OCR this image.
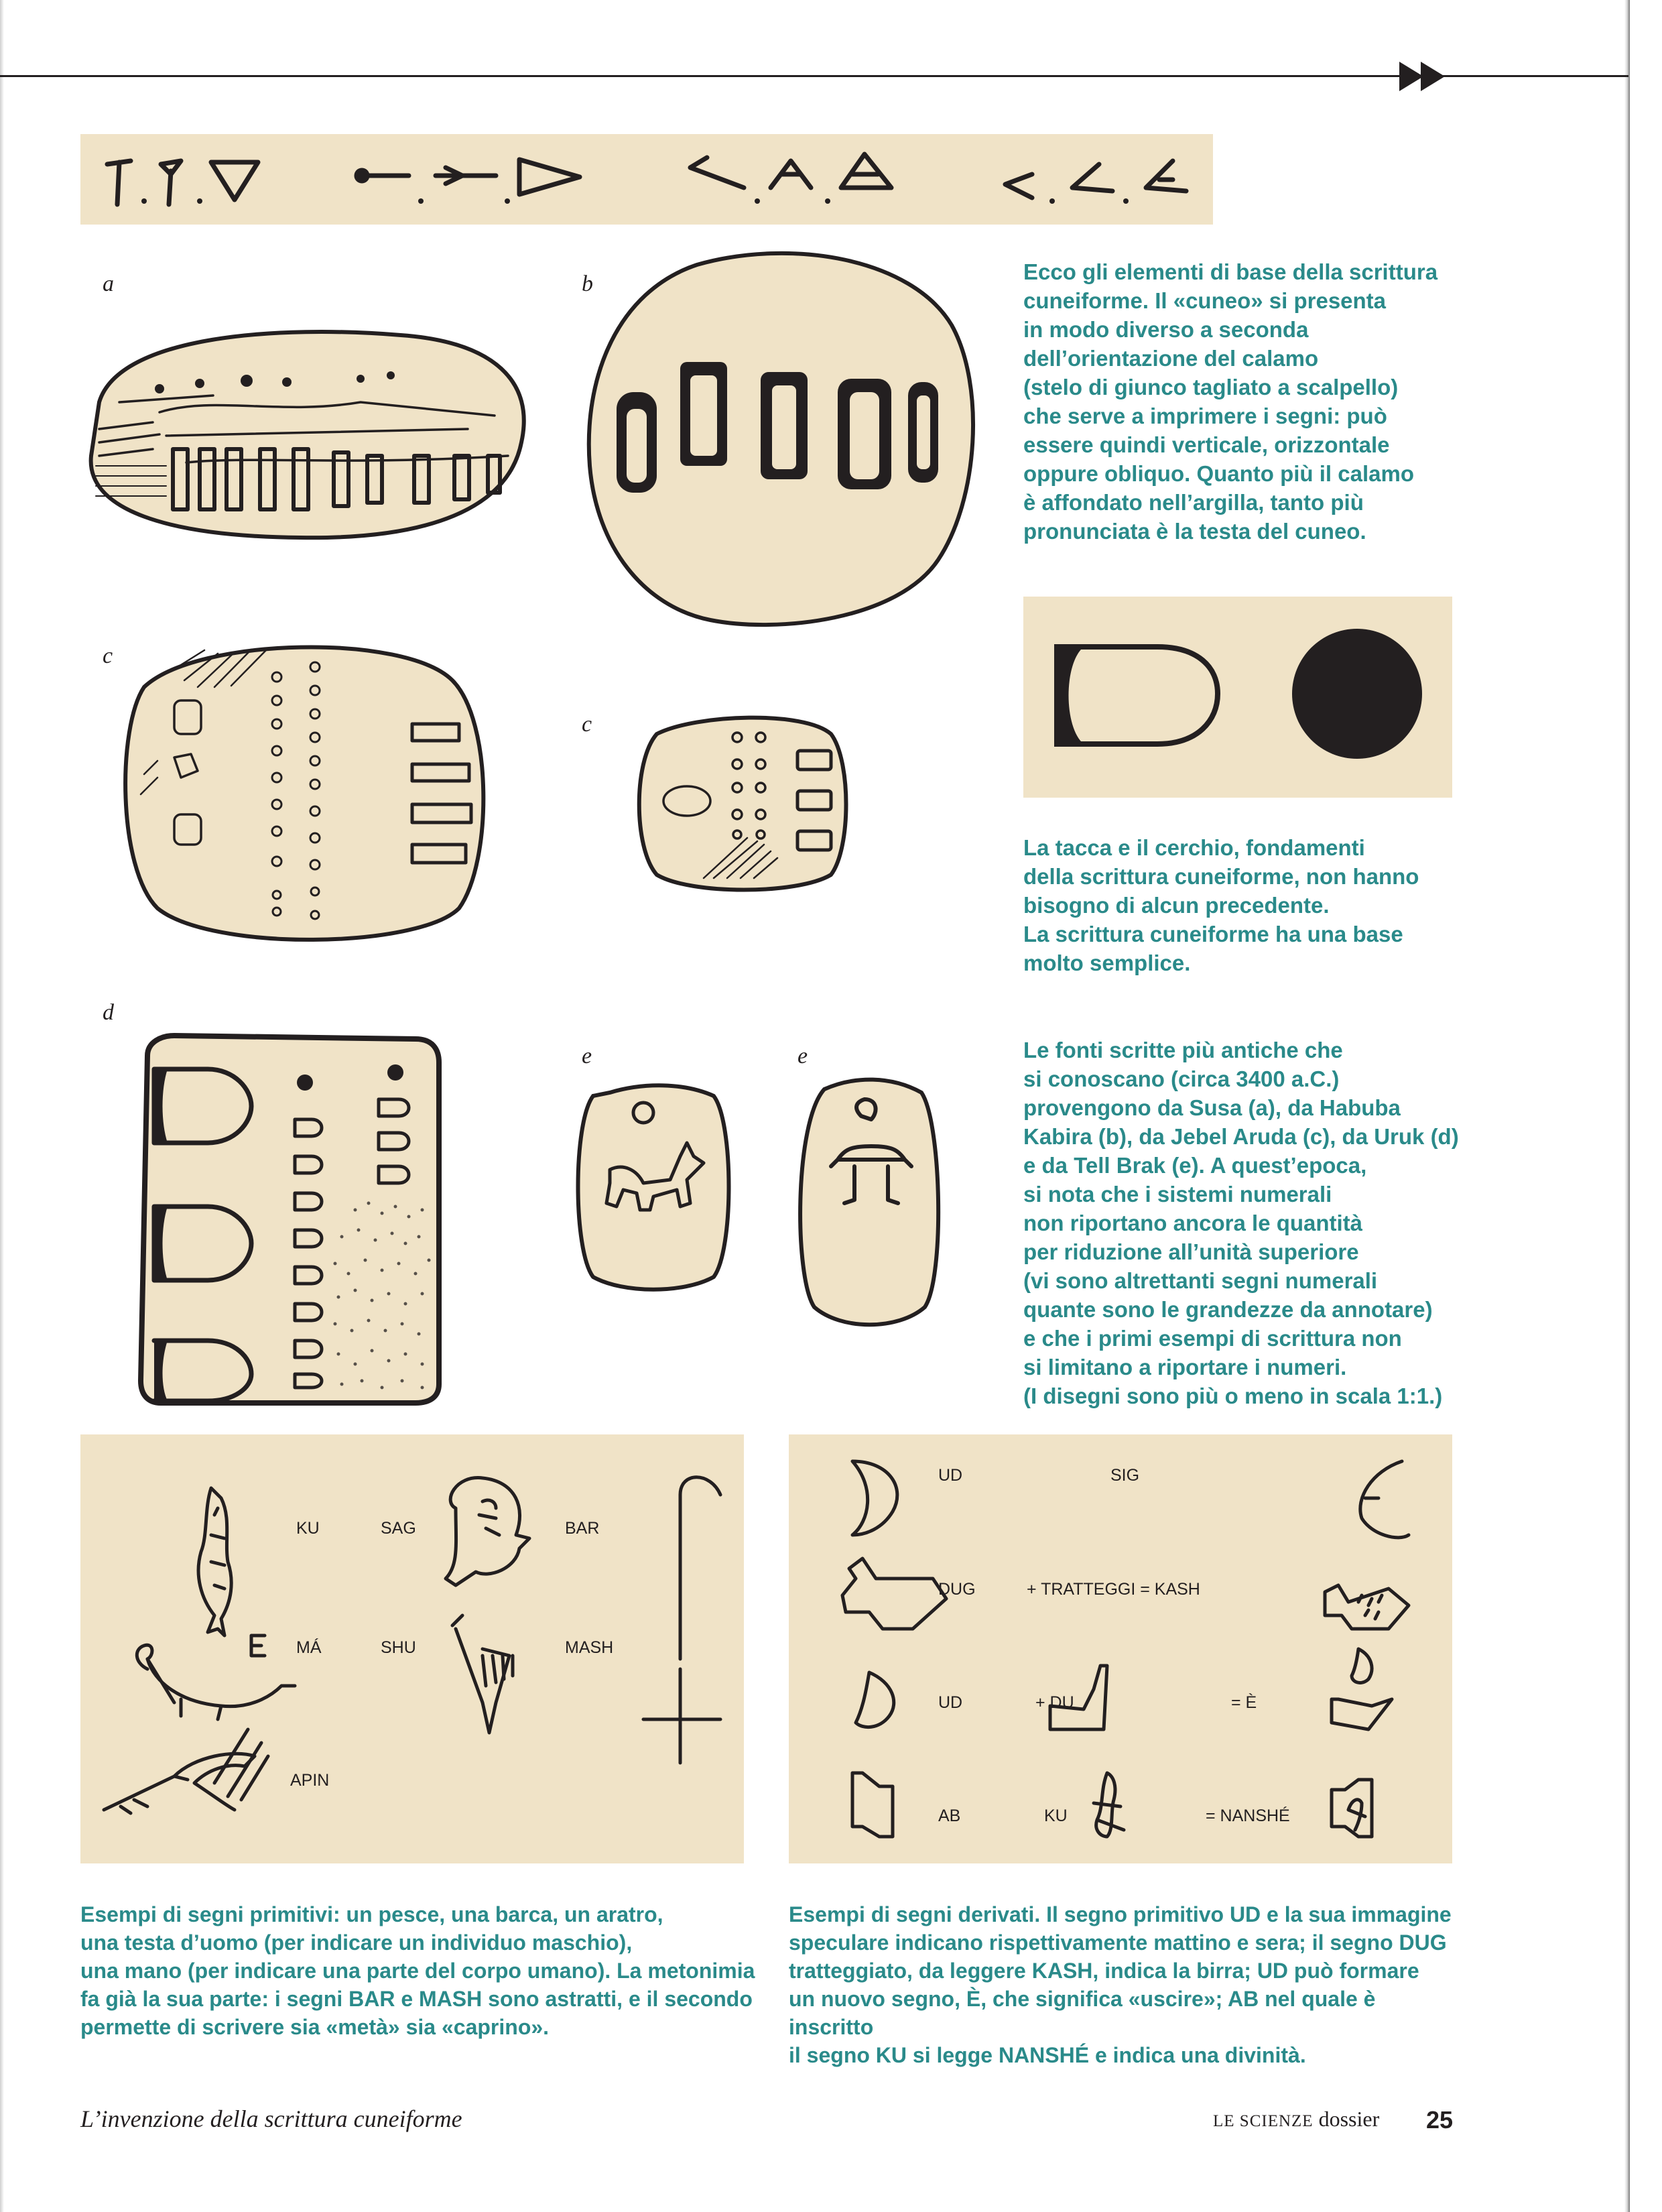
a	b
c
c
d
e	e
Ecco gli elementi di base della scrittura
cuneiforme. Il «cuneo» si presenta
in modo diverso a seconda
dell’orientazione del calamo
(stelo di giunco tagliato a scalpello)
che serve a imprimere i segni: può
essere quindi verticale, orizzontale
oppure obliquo. Quanto più il calamo
è affondato nell’argilla, tanto più
pronunciata è la testa del cuneo.
La tacca e il cerchio, fondamenti
della scrittura cuneiforme, non hanno
bisogno di alcun precedente.
La scrittura cuneiforme ha una base
molto semplice.
Le fonti scritte più antiche che
si conoscano (circa 3400 a.C.)
provengono da Susa (a), da Habuba
Kabira (b), da Jebel Aruda (c), da Uruk (d)
e da Tell Brak (e). A quest’epoca,
si nota che i sistemi numerali
non riportano ancora le quantità
per riduzione all’unità superiore
(vi sono altrettanti segni numerali
quante sono le grandezze da annotare)
e che i primi esempi di scrittura non
si limitano a riportare i numeri.
(I disegni sono più o meno in scala 1:1.)
KU	SAG	BAR
MÁ	SHU	MASH
APIN
UD	SIG
DUG	+ TRATTEGGI = KASH
UD	+ DU	= È
AB	KU	= NANSHÉ
Esempi di segni primitivi: un pesce, una barca, un aratro,
una testa d’uomo (per indicare un individuo maschio),
una mano (per indicare una parte del corpo umano). La metonimia
fa già la sua parte: i segni BAR e MASH sono astratti, e il secondo
permette di scrivere sia «metà» sia «caprino».
Esempi di segni derivati. Il segno primitivo UD e la sua immagine
speculare indicano rispettivamente mattino e sera; il segno DUG
tratteggiato, da leggere KASH, indica la birra; UD può formare
un nuovo segno, È, che significa «uscire»; AB nel quale è inscritto
il segno KU si legge NANSHÉ e indica una divinità.
L’invenzione della scrittura cuneiforme	LE SCIENZE dossier 25
